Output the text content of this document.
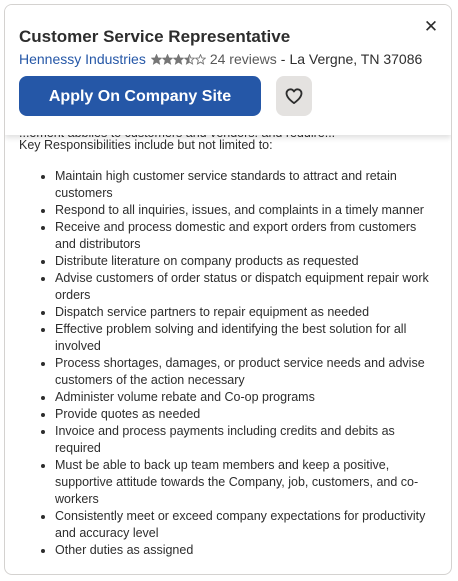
✕
Customer Service Representative
Hennessy Industries	24 reviews - La Vergne, TN 37086
Apply On Company Site
Key Responsibilities include but not limited to:
• Maintain high customer service standards to attract and retain customers
• Respond to all inquiries, issues, and complaints in a timely manner
• Receive and process domestic and export orders from customers and distributors
• Distribute literature on company products as requested
• Advise customers of order status or dispatch equipment repair work orders
• Dispatch service partners to repair equipment as needed
• Effective problem solving and identifying the best solution for all involved
• Process shortages, damages, or product service needs and advise customers of the action necessary
• Administer volume rebate and Co-op programs
• Provide quotes as needed
• Invoice and process payments including credits and debits as required
• Must be able to back up team members and keep a positive, supportive attitude towards the Company, job, customers, and co-workers
• Consistently meet or exceed company expectations for productivity and accuracy level
• Other duties as assigned
